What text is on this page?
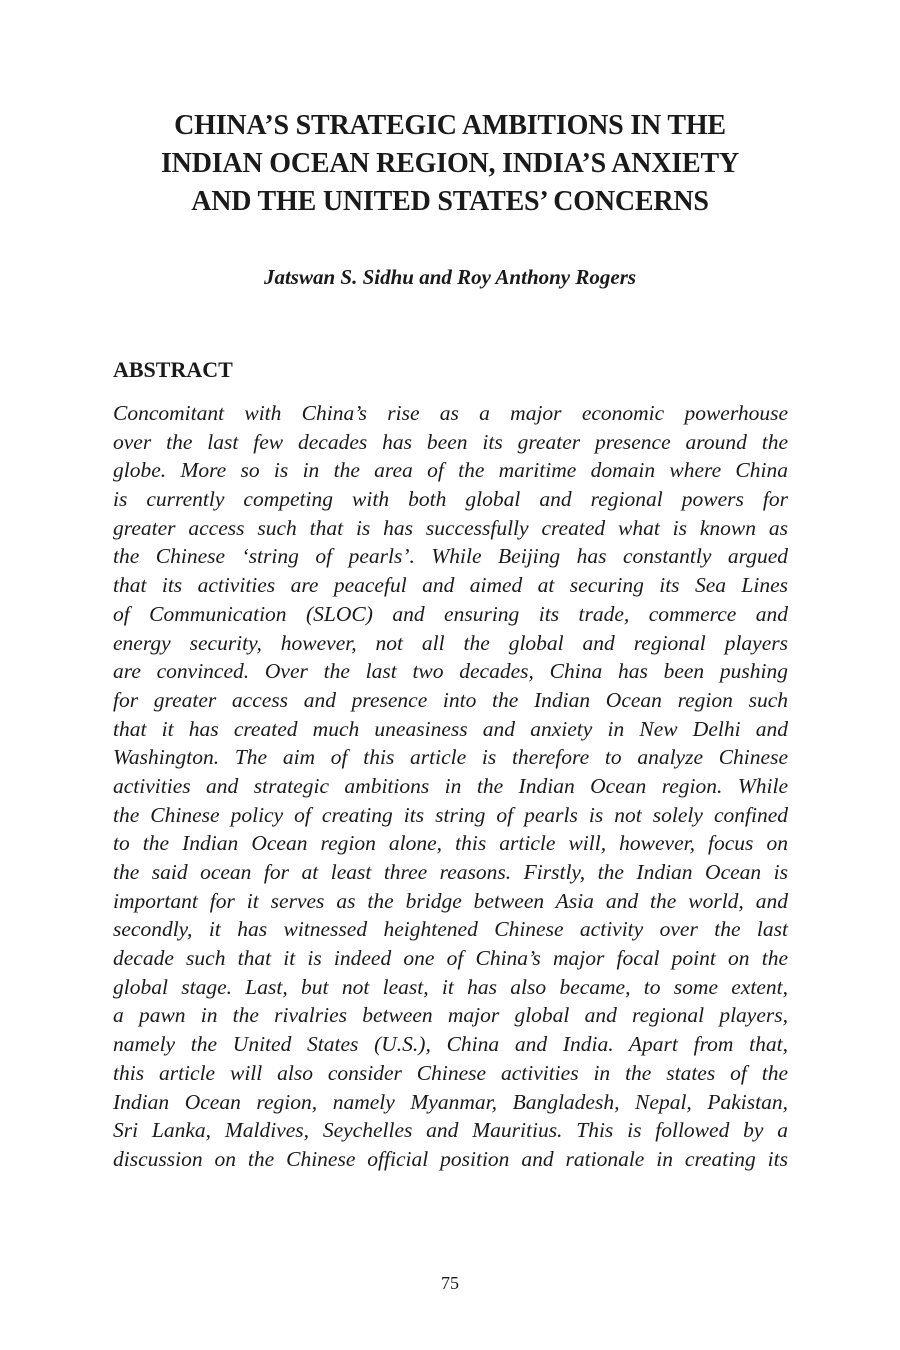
CHINA’S STRATEGIC AMBITIONS IN THE
INDIAN OCEAN REGION, INDIA’S ANXIETY
AND THE UNITED STATES’ CONCERNS

Jatswan S. Sidhu and Roy Anthony Rogers

ABSTRACT
Concomitant with China’s rise as a major economic powerhouse
over the last few decades has been its greater presence around the
globe. More so is in the area of the maritime domain where China
is currently competing with both global and regional powers for
greater access such that is has successfully created what is known as
the Chinese ‘string of pearls’. While Beijing has constantly argued
that its activities are peaceful and aimed at securing its Sea Lines
of Communication (SLOC) and ensuring its trade, commerce and
energy security, however, not all the global and regional players
are convinced. Over the last two decades, China has been pushing
for greater access and presence into the Indian Ocean region such
that it has created much uneasiness and anxiety in New Delhi and
Washington. The aim of this article is therefore to analyze Chinese
activities and strategic ambitions in the Indian Ocean region. While
the Chinese policy of creating its string of pearls is not solely confined
to the Indian Ocean region alone, this article will, however, focus on
the said ocean for at least three reasons. Firstly, the Indian Ocean is
important for it serves as the bridge between Asia and the world, and
secondly, it has witnessed heightened Chinese activity over the last
decade such that it is indeed one of China’s major focal point on the
global stage. Last, but not least, it has also became, to some extent,
a pawn in the rivalries between major global and regional players,
namely the United States (U.S.), China and India. Apart from that,
this article will also consider Chinese activities in the states of the
Indian Ocean region, namely Myanmar, Bangladesh, Nepal, Pakistan,
Sri Lanka, Maldives, Seychelles and Mauritius. This is followed by a
discussion on the Chinese official position and rationale in creating its
75
